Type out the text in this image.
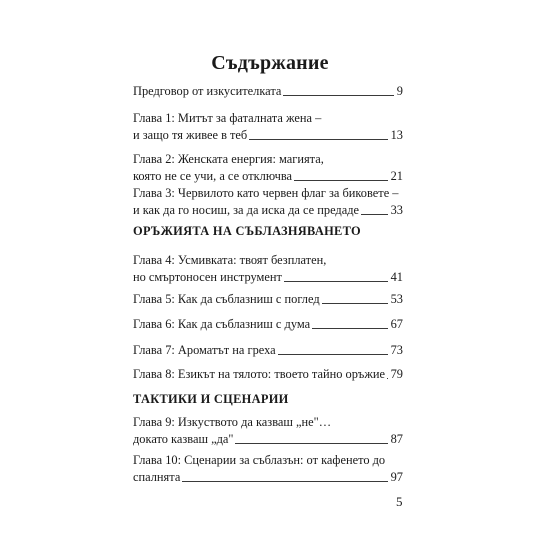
Съдържание
Предговор от изкусителката	9
Глава 1: Митът за фаталната жена –
и защо тя живее в теб	13
Глава 2: Женската енергия: магията,
която не се учи, а се отключва	21
Глава 3: Червилото като червен флаг за биковете –
и как да го носиш, за да иска да се предаде	33
ОРЪЖИЯТА НА СЪБЛАЗНЯВАНЕТО
Глава 4: Усмивката: твоят безплатен,
но смъртоносен инструмент	41
Глава 5: Как да съблазниш с поглед	53
Глава 6: Как да съблазниш с дума	67
Глава 7: Ароматът на греха	73
Глава 8: Езикът на тялото: твоето тайно оръжие 79
ТАКТИКИ И СЦЕНАРИИ
Глава 9: Изкуството да казваш „не"…
докато казваш „да"	87
Глава 10: Сценарии за съблазън: от кафенето до
спалнята	97
5
